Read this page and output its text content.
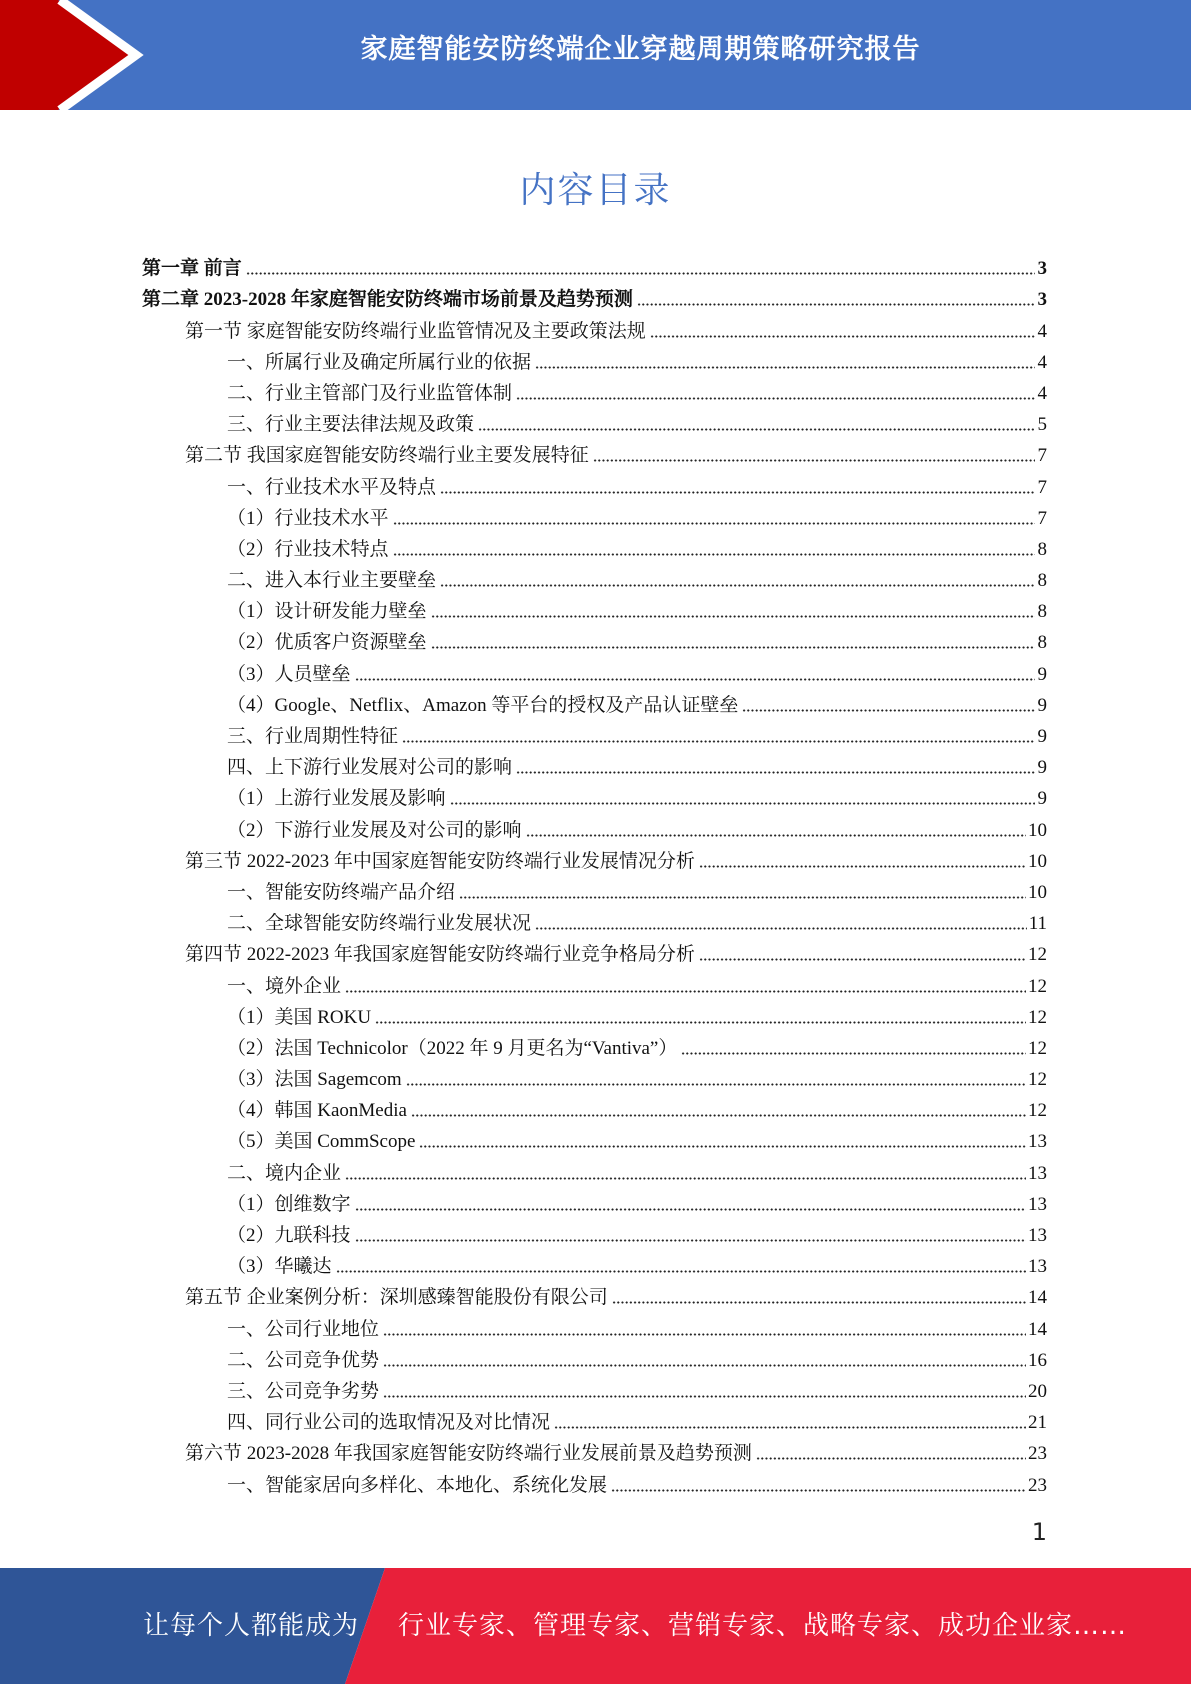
家庭智能安防终端企业穿越周期策略研究报告
内容目录
第一章 前言	3
第二章 2023-2028 年家庭智能安防终端市场前景及趋势预测	3
第一节 家庭智能安防终端行业监管情况及主要政策法规	4
一、所属行业及确定所属行业的依据	4
二、行业主管部门及行业监管体制	4
三、行业主要法律法规及政策	5
第二节 我国家庭智能安防终端行业主要发展特征	7
一、行业技术水平及特点	7
（1）行业技术水平	7
（2）行业技术特点	8
二、进入本行业主要壁垒	8
（1）设计研发能力壁垒	8
（2）优质客户资源壁垒	8
（3）人员壁垒	9
（4）Google、Netflix、Amazon 等平台的授权及产品认证壁垒	9
三、行业周期性特征	9
四、上下游行业发展对公司的影响	9
（1）上游行业发展及影响	9
（2）下游行业发展及对公司的影响	10
第三节 2022-2023 年中国家庭智能安防终端行业发展情况分析	10
一、智能安防终端产品介绍	10
二、全球智能安防终端行业发展状况	11
第四节 2022-2023 年我国家庭智能安防终端行业竞争格局分析	12
一、境外企业	12
（1）美国 ROKU	12
（2）法国 Technicolor（2022 年 9 月更名为“Vantiva”）	12
（3）法国 Sagemcom	12
（4）韩国 KaonMedia	12
（5）美国 CommScope	13
二、境内企业	13
（1）创维数字	13
（2）九联科技	13
（3）华曦达	13
第五节 企业案例分析：深圳感臻智能股份有限公司	14
一、公司行业地位	14
二、公司竞争优势	16
三、公司竞争劣势	20
四、同行业公司的选取情况及对比情况	21
第六节 2023-2028 年我国家庭智能安防终端行业发展前景及趋势预测	23
一、智能家居向多样化、本地化、系统化发展	23
1
让每个人都能成为 行业专家、管理专家、营销专家、战略专家、成功企业家……
